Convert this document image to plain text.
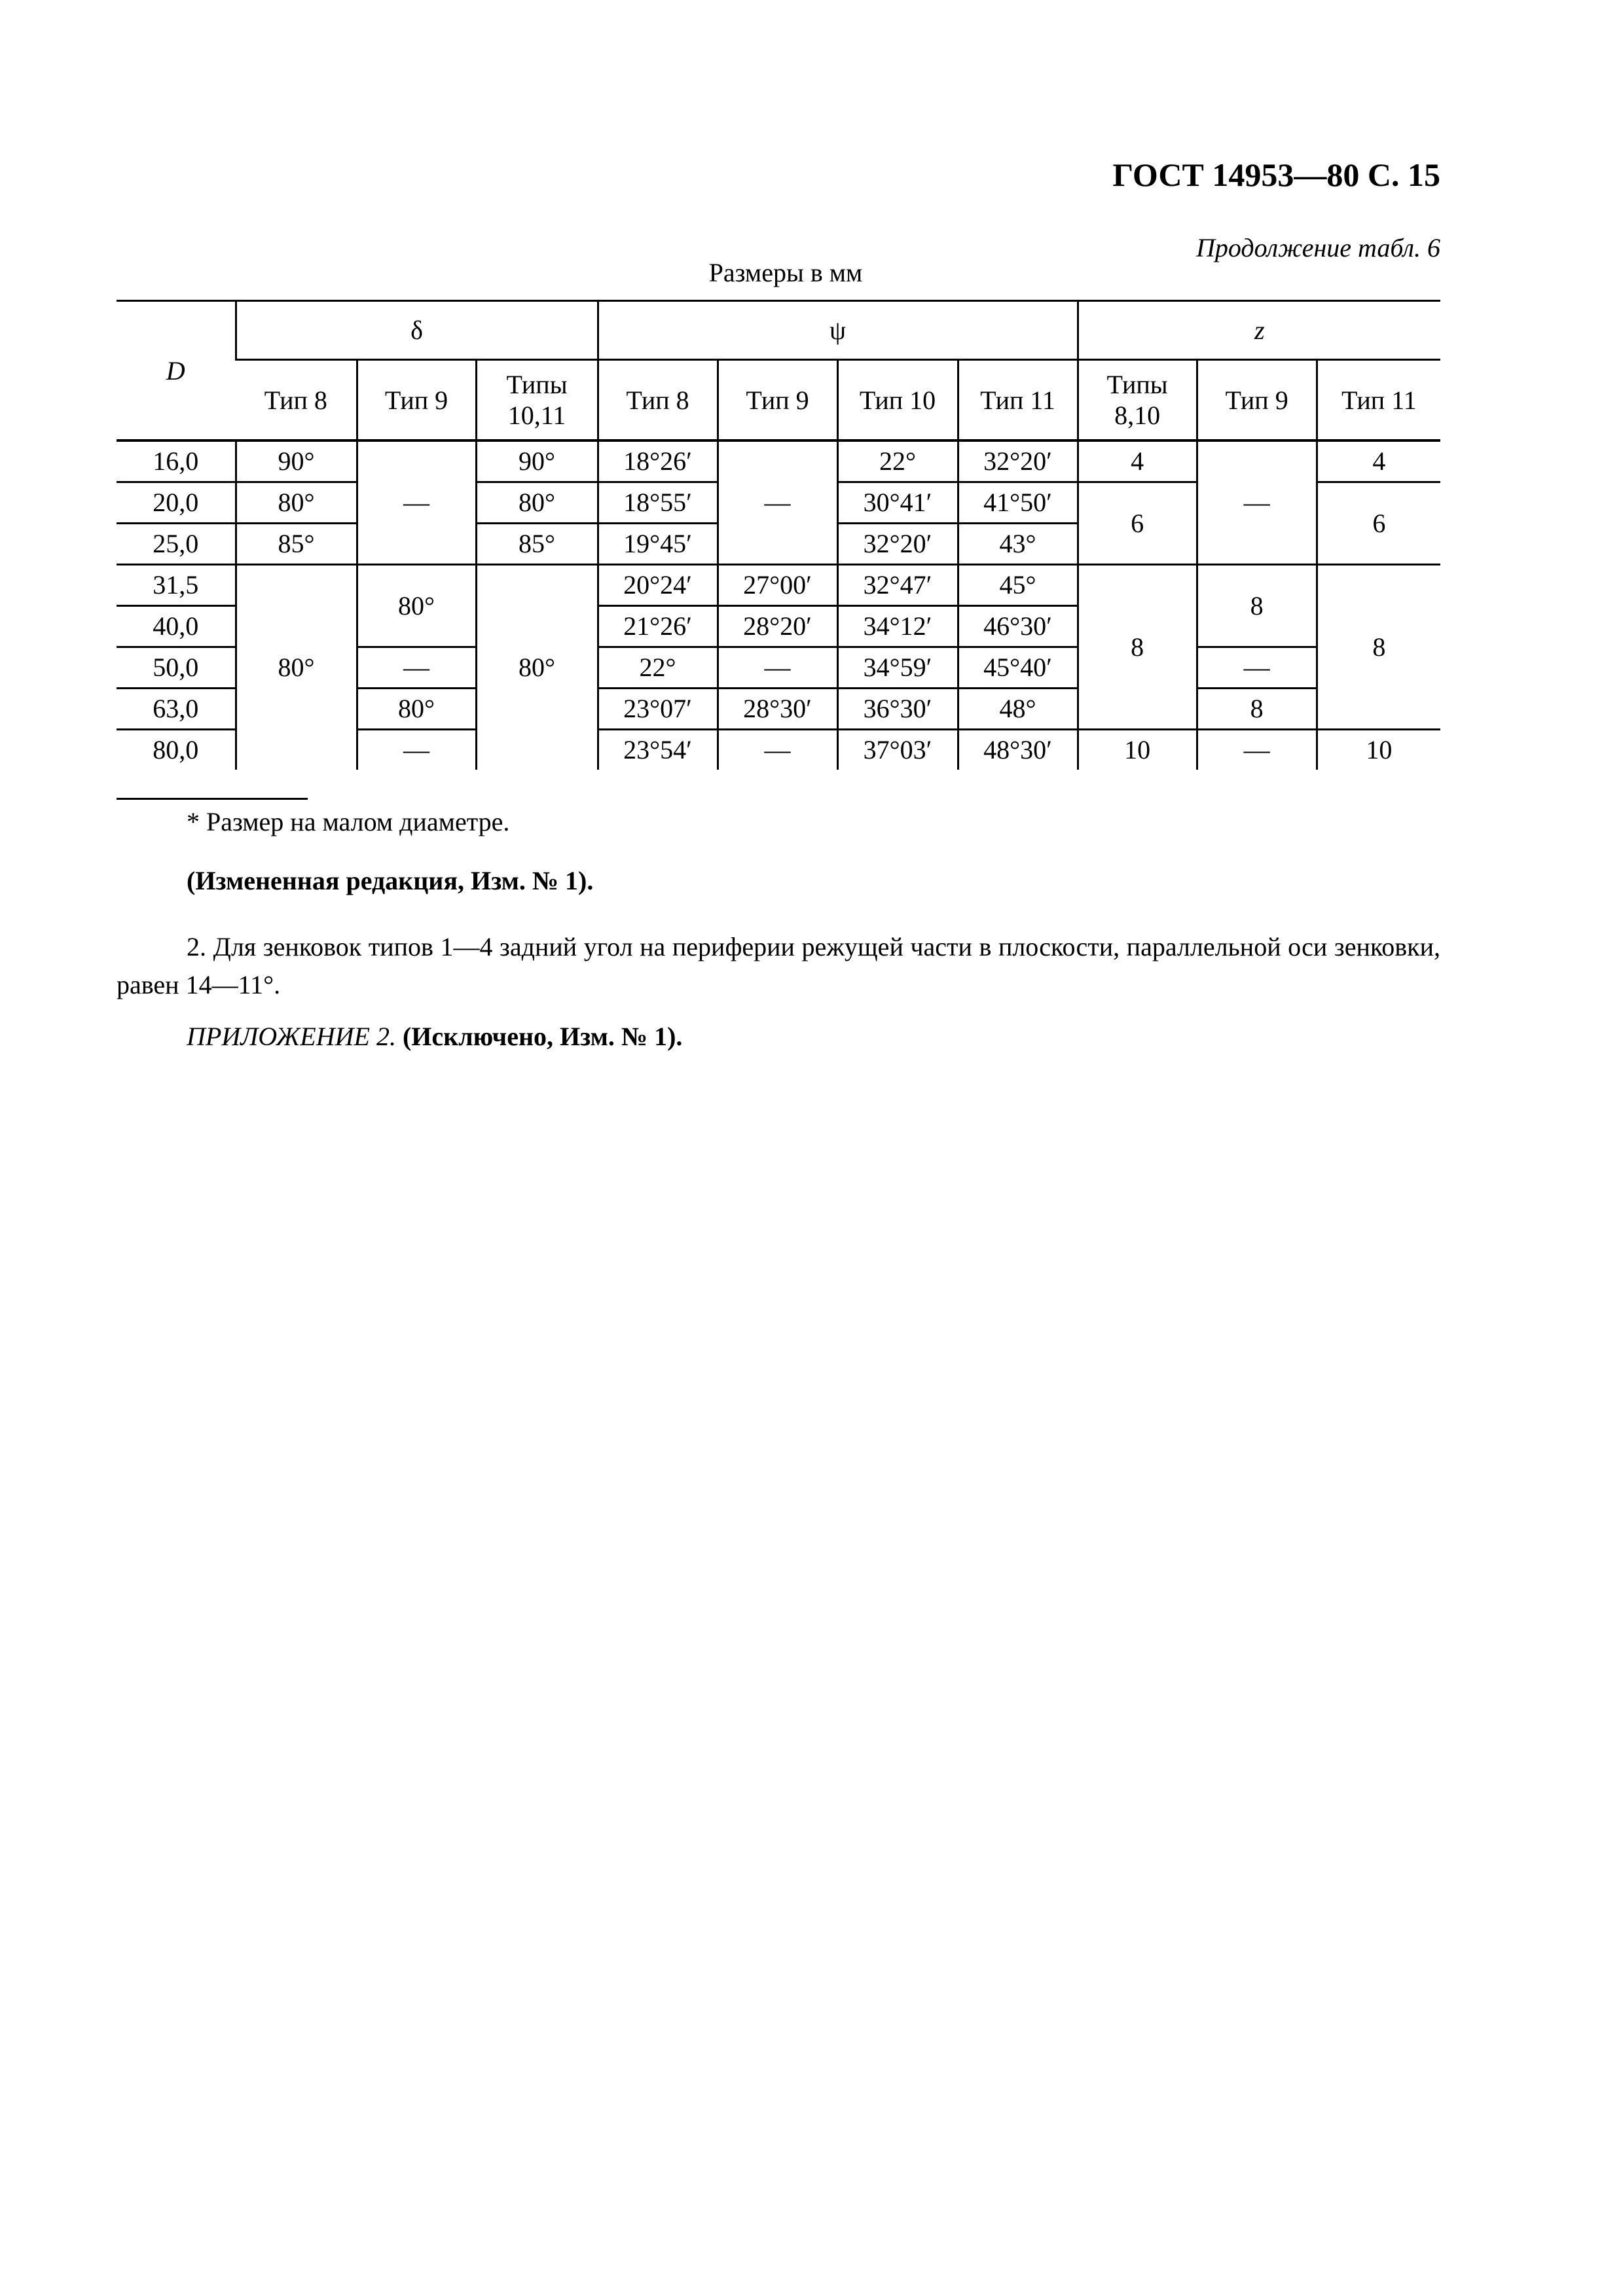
ГОСТ 14953—80 С. 15
Продолжение табл. 6
Размеры в мм
D	δ			ψ				z		
	Тип 8	Тип 9	Типы 10,11	Тип 8	Тип 9	Тип 10	Тип 11	Типы 8,10	Тип 9	Тип 11
16,0	90°	—	90°	18°26′	—	22°	32°20′	4	—	4
20,0	80°		80°	18°55′		30°41′	41°50′	6		6
25,0	85°		85°	19°45′		32°20′	43°			
31,5	80°	80°	80°	20°24′	27°00′	32°47′	45°	8	8	8
40,0				21°26′	28°20′	34°12′	46°30′			
50,0		—		22°	—	34°59′	45°40′		—	
63,0		80°		23°07′	28°30′	36°30′	48°		8	
80,0		—		23°54′	—	37°03′	48°30′	10	—	10
* Размер на малом диаметре.
(Измененная редакция, Изм. № 1).
2. Для зенковок типов 1—4 задний угол на периферии режущей части в плоскости, параллельной оси зенковки, равен 14—11°.
ПРИЛОЖЕНИЕ 2. (Исключено, Изм. № 1).
